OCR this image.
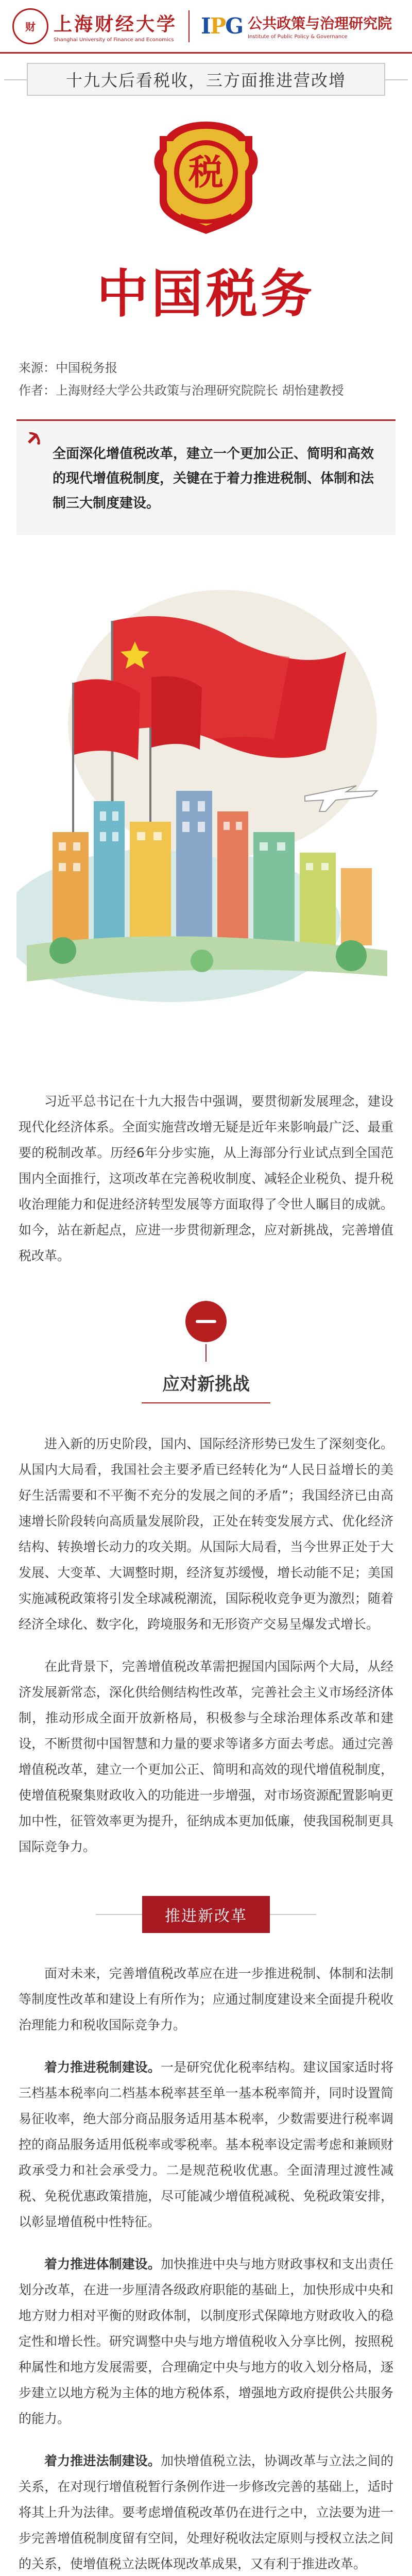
财 上海财经大学
Shanghai University of Finance and Economics
IPG 公共政策与治理研究院
Institute of Public Policy & Governance
十九大后看税收，三方面推进营改增
税
中国税务
来源：中国税务报
作者：上海财经大学公共政策与治理研究院院长 胡怡建教授
全面深化增值税改革，建立一个更加公正、简明和高效的现代增值税制度，关键在于着力推进税制、体制和法制三大制度建设。

习近平总书记在十九大报告中强调，要贯彻新发展理念，建设现代化经济体系。全面实施营改增无疑是近年来影响最广泛、最重要的税制改革。历经6年分步实施，从上海部分行业试点到全国范围内全面推行，这项改革在完善税收制度、减轻企业税负、提升税收治理能力和促进经济转型发展等方面取得了令世人瞩目的成就。如今，站在新起点，应进一步贯彻新理念，应对新挑战，完善增值税改革。

应对新挑战

进入新的历史阶段，国内、国际经济形势已发生了深刻变化。从国内大局看，我国社会主要矛盾已经转化为“人民日益增长的美好生活需要和不平衡不充分的发展之间的矛盾”；我国经济已由高速增长阶段转向高质量发展阶段，正处在转变发展方式、优化经济结构、转换增长动力的攻关期。从国际大局看，当今世界正处于大发展、大变革、大调整时期，经济复苏缓慢，增长动能不足；美国实施减税政策将引发全球减税潮流，国际税收竞争更为激烈；随着经济全球化、数字化，跨境服务和无形资产交易呈爆发式增长。

在此背景下，完善增值税改革需把握国内国际两个大局，从经济发展新常态，深化供给侧结构性改革，完善社会主义市场经济体制，推动形成全面开放新格局，积极参与全球治理体系改革和建设，不断贯彻中国智慧和力量的要求等诸多方面去考虑。通过完善增值税改革，建立一个更加公正、简明和高效的现代增值税制度，使增值税聚集财政收入的功能进一步增强，对市场资源配置影响更加中性，征管效率更为提升，征纳成本更加低廉，使我国税制更具国际竞争力。

推进新改革

面对未来，完善增值税改革应在进一步推进税制、体制和法制等制度性改革和建设上有所作为；应通过制度建设来全面提升税收治理能力和税收国际竞争力。

着力推进税制建设。一是研究优化税率结构。建议国家适时将三档基本税率向二档基本税率甚至单一基本税率简并，同时设置简易征收率，绝大部分商品服务适用基本税率，少数需要进行税率调控的商品服务适用低税率或零税率。基本税率设定需考虑和兼顾财政承受力和社会承受力。二是规范税收优惠。全面清理过渡性减税、免税优惠政策措施，尽可能减少增值税减税、免税政策安排，以彰显增值税中性特征。

着力推进体制建设。加快推进中央与地方财政事权和支出责任划分改革，在进一步厘清各级政府职能的基础上，加快形成中央和地方财力相对平衡的财政体制，以制度形式保障地方财政收入的稳定性和增长性。研究调整中央与地方增值税收入分享比例，按照税种属性和地方发展需要，合理确定中央与地方的收入划分格局，逐步建立以地方税为主体的地方税体系，增强地方政府提供公共服务的能力。

着力推进法制建设。加快增值税立法，协调改革与立法之间的关系，在对现行增值税暂行条例作进一步修改完善的基础上，适时将其上升为法律。要考虑增值税改革仍在进行之中，立法要为进一步完善增值税制度留有空间，处理好税收法定原则与授权立法之间的关系，使增值税立法既体现改革成果，又有利于推进改革。
